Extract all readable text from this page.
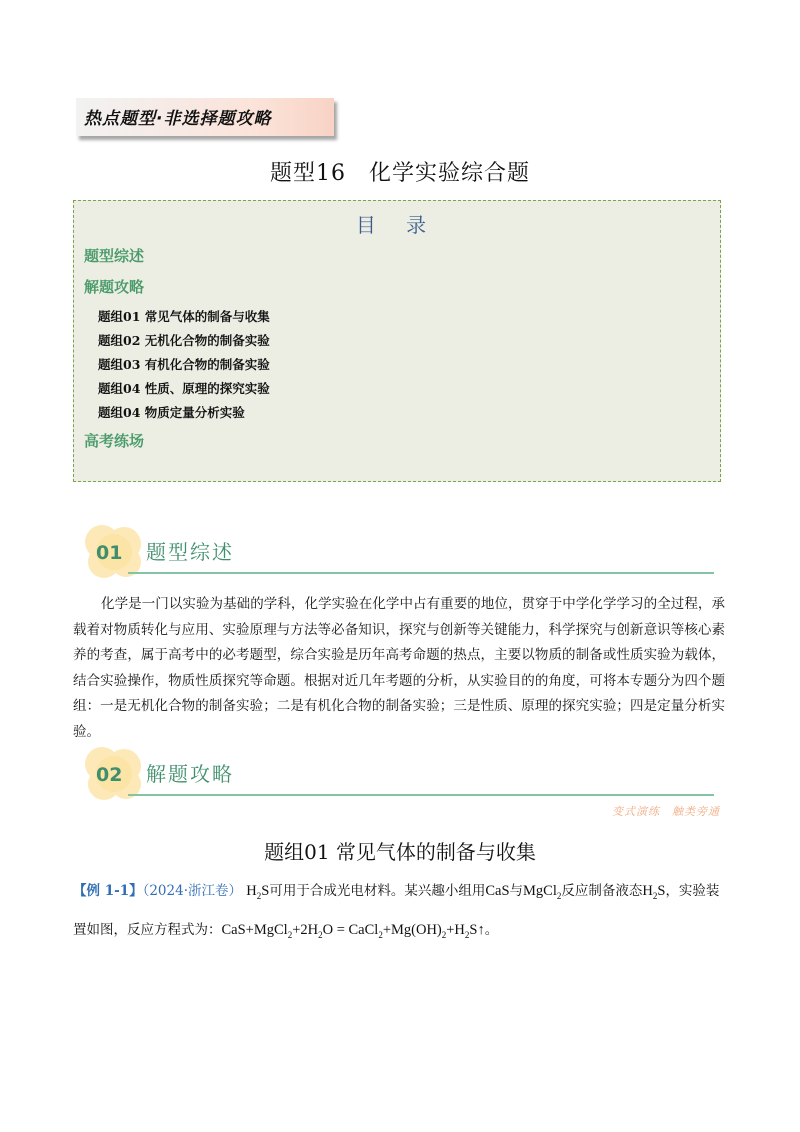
热点题型·非选择题攻略
题型16　化学实验综合题
目 录
题型综述
解题攻略
题组01 常见气体的制备与收集
题组02 无机化合物的制备实验
题组03 有机化合物的制备实验
题组04 性质、原理的探究实验
题组04 物质定量分析实验
高考练场
01 题型综述
化学是一门以实验为基础的学科，化学实验在化学中占有重要的地位，贯穿于中学化学学习的全过程，承载着对物质转化与应用、实验原理与方法等必备知识，探究与创新等关键能力，科学探究与创新意识等核心素养的考查，属于高考中的必考题型，综合实验是历年高考命题的热点，主要以物质的制备或性质实验为载体，结合实验操作，物质性质探究等命题。根据对近几年考题的分析，从实验目的的角度，可将本专题分为四个题组：一是无机化合物的制备实验；二是有机化合物的制备实验；三是性质、原理的探究实验；四是定量分析实验。
02 解题攻略
变式演练　触类旁通
题组01 常见气体的制备与收集
【例 1-1】（2024·浙江卷） $H_2S$可用于合成光电材料。某兴趣小组用CaS与MgCl$_2$反应制备液态$H_2S$，实验装置如图，反应方程式为：$CaS+MgCl_2+2H_2O$ = $CaCl_2+Mg(OH)_2+H_2S↑$。
